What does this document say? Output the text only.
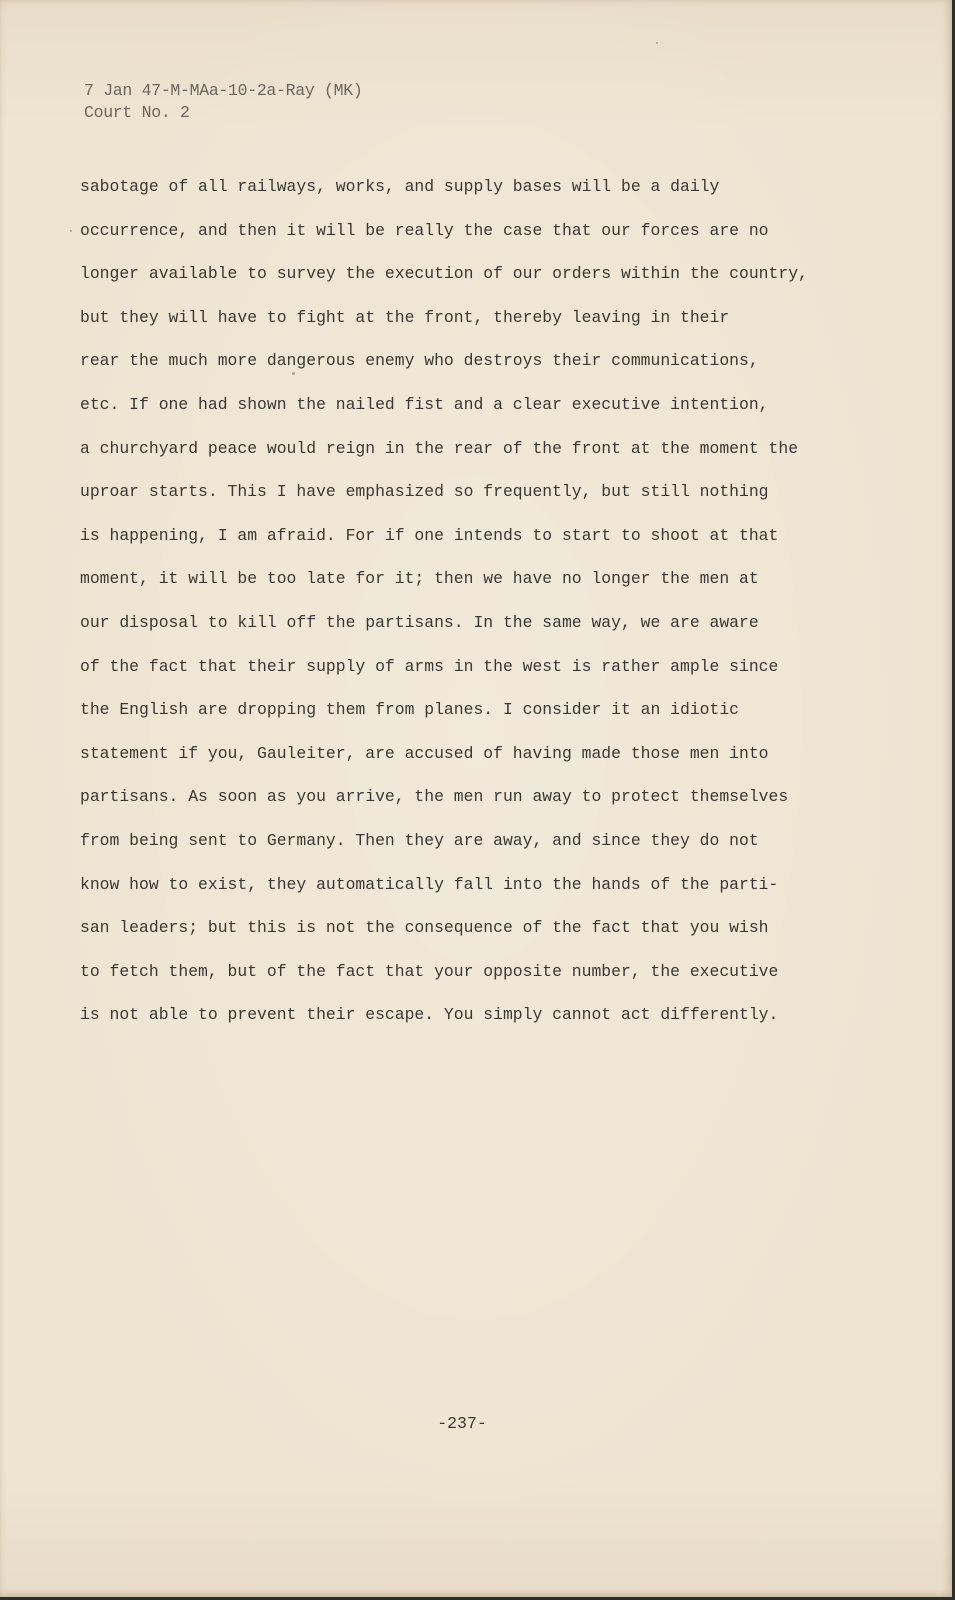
7 Jan 47-M-MAa-10-2a-Ray (MK)

Court No. 2

sabotage of all railways, works, and supply bases will be a daily
occurrence, and then it will be really the case that our forces are no
longer available to survey the execution of our orders within the country,
but they will have to fight at the front, thereby leaving in their
rear the much more dangerous enemy who destroys their communications,
etc. If one had shown the nailed fist and a clear executive intention,
a churchyard peace would reign in the rear of the front at the moment the
uproar starts. This I have emphasized so frequently, but still nothing
is happening, I am afraid. For if one intends to start to shoot at that
moment, it will be too late for it; then we have no longer the men at
our disposal to kill off the partisans. In the same way, we are aware
of the fact that their supply of arms in the west is rather ample since
the English are dropping them from planes. I consider it an idiotic
statement if you, Gauleiter, are accused of having made those men into
partisans. As soon as you arrive, the men run away to protect themselves
from being sent to Germany. Then they are away, and since they do not
know how to exist, they automatically fall into the hands of the parti-
san leaders; but this is not the consequence of the fact that you wish
to fetch them, but of the fact that your opposite number, the executive
is not able to prevent their escape. You simply cannot act differently.

-237-
